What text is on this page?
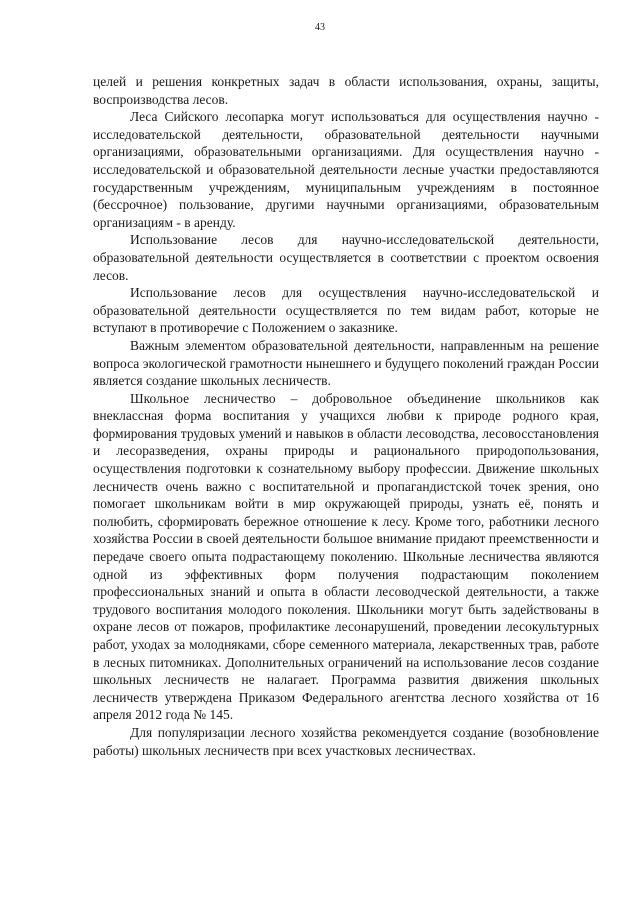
43

целей и решения конкретных задач в области использования, охраны, защиты, воспроизводства лесов.

Леса Сийского лесопарка могут использоваться для осуществления научно - исследовательской деятельности, образовательной деятельности научными организациями, образовательными организациями. Для осуществления научно - исследовательской и образовательной деятельности лесные участки предоставляются государственным учреждениям, муниципальным учреждениям в постоянное (бессрочное) пользование, другими научными организациями, образовательным организациям - в аренду.

Использование лесов для научно-исследовательской деятельности, образовательной деятельности осуществляется в соответствии с проектом освоения лесов.

Использование лесов для осуществления научно-исследовательской и образовательной деятельности осуществляется по тем видам работ, которые не вступают в противоречие с Положением о заказнике.

Важным элементом образовательной деятельности, направленным на решение вопроса экологической грамотности нынешнего и будущего поколений граждан России является создание школьных лесничеств.

Школьное лесничество – добровольное объединение школьников как внеклассная форма воспитания у учащихся любви к природе родного края, формирования трудовых умений и навыков в области лесоводства, лесовосстановления и лесоразведения, охраны природы и рационального природопользования, осуществления подготовки к сознательному выбору профессии. Движение школьных лесничеств очень важно с воспитательной и пропагандистской точек зрения, оно помогает школьникам войти в мир окружающей природы, узнать её, понять и полюбить, сформировать бережное отношение к лесу. Кроме того, работники лесного хозяйства России в своей деятельности большое внимание придают преемственности и передаче своего опыта подрастающему поколению. Школьные лесничества являются одной из эффективных форм получения подрастающим поколением профессиональных знаний и опыта в области лесоводческой деятельности, а также трудового воспитания молодого поколения. Школьники могут быть задействованы в охране лесов от пожаров, профилактике лесонарушений, проведении лесокультурных работ, уходах за молодняками, сборе семенного материала, лекарственных трав, работе в лесных питомниках. Дополнительных ограничений на использование лесов создание школьных лесничеств не налагает. Программа развития движения школьных лесничеств утверждена Приказом Федерального агентства лесного хозяйства от 16 апреля 2012 года № 145.

Для популяризации лесного хозяйства рекомендуется создание (возобновление работы) школьных лесничеств при всех участковых лесничествах.
